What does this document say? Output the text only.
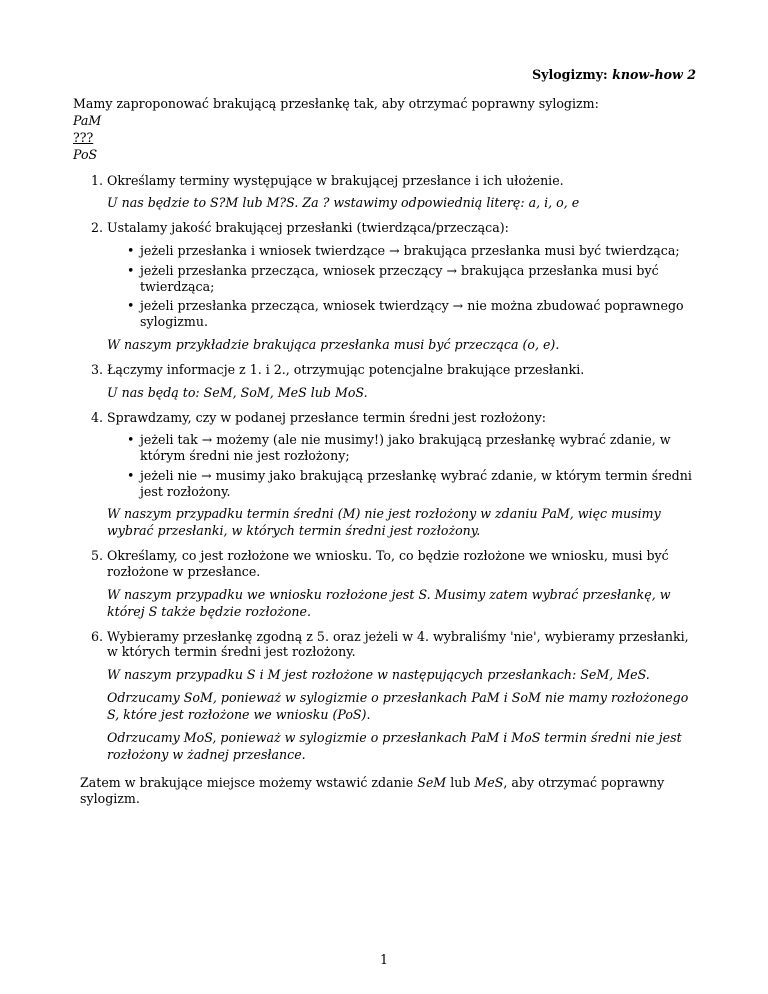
Sylogizmy: know-how 2
Mamy zaproponować brakującą przesłankę tak, aby otrzymać poprawny sylogizm:
PaM
???
PoS
1. Określamy terminy występujące w brakującej przesłance i ich ułożenie.
U nas będzie to S?M lub M?S. Za ? wstawimy odpowiednią literę: a, i, o, e
2. Ustalamy jakość brakującej przesłanki (twierdząca/przecząca):
• jeżeli przesłanka i wniosek twierdzące → brakująca przesłanka musi być twierdząca;
• jeżeli przesłanka przecząca, wniosek przeczący → brakująca przesłanka musi być twierdząca;
• jeżeli przesłanka przecząca, wniosek twierdzący → nie można zbudować poprawnego sylogizmu.
W naszym przykładzie brakująca przesłanka musi być przecząca (o, e).
3. Łączymy informacje z 1. i 2., otrzymując potencjalne brakujące przesłanki.
U nas będą to: SeM, SoM, MeS lub MoS.
4. Sprawdzamy, czy w podanej przesłance termin średni jest rozłożony:
• jeżeli tak → możemy (ale nie musimy!) jako brakującą przesłankę wybrać zdanie, w którym średni nie jest rozłożony;
• jeżeli nie → musimy jako brakującą przesłankę wybrać zdanie, w którym termin średni jest rozłożony.
W naszym przypadku termin średni (M) nie jest rozłożony w zdaniu PaM, więc musimy wybrać przesłanki, w których termin średni jest rozłożony.
5. Określamy, co jest rozłożone we wniosku. To, co będzie rozłożone we wniosku, musi być rozłożone w przesłance.
W naszym przypadku we wniosku rozłożone jest S. Musimy zatem wybrać przesłankę, w której S także będzie rozłożone.
6. Wybieramy przesłankę zgodną z 5. oraz jeżeli w 4. wybraliśmy 'nie', wybieramy przesłanki, w których termin średni jest rozłożony.
W naszym przypadku S i M jest rozłożone w następujących przesłankach: SeM, MeS.
Odrzucamy SoM, ponieważ w sylogizmie o przesłankach PaM i SoM nie mamy rozłożonego S, które jest rozłożone we wniosku (PoS).
Odrzucamy MoS, ponieważ w sylogizmie o przesłankach PaM i MoS termin średni nie jest rozłożony w żadnej przesłance.
Zatem w brakujące miejsce możemy wstawić zdanie SeM lub MeS, aby otrzymać poprawny sylogizm.
1
